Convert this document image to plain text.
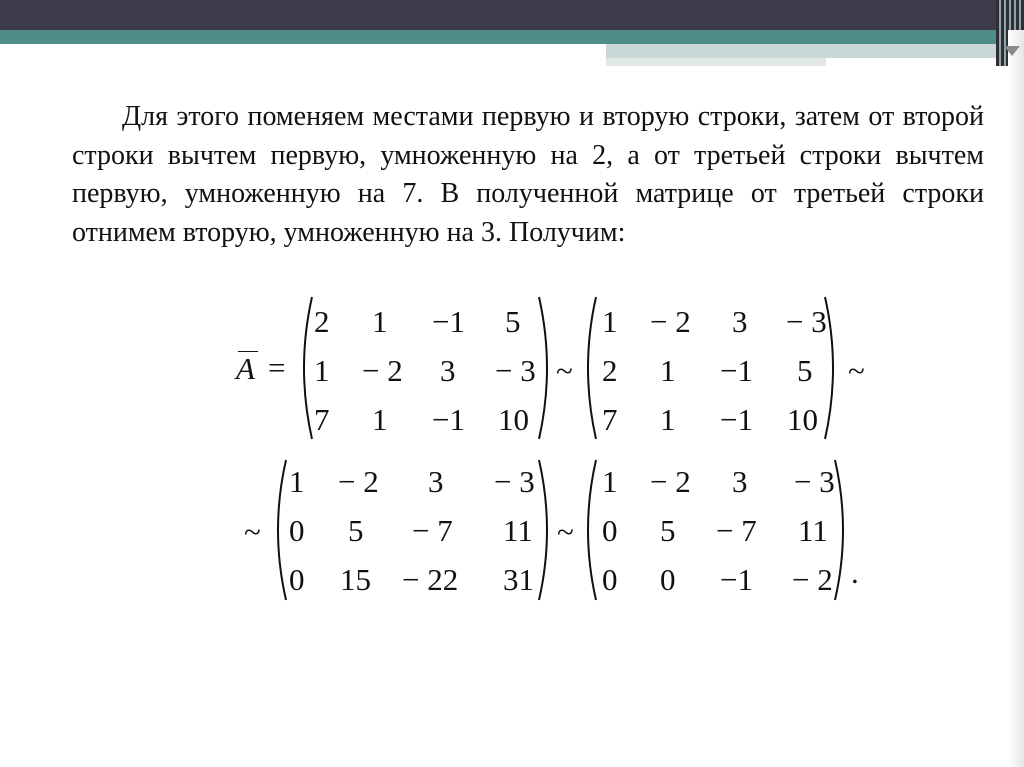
Для этого поменяем местами первую и вторую строки, затем от второй строки вычтем первую, умноженную на 2, а от третьей строки вычтем первую, умноженную на 7. В полученной матрице от третьей строки отнимем вторую, умноженную на 3. Получим:
A =	~	~
~	~
.
2 1 −1 5
1 − 2 3 − 3
7 1 −1 10
1 − 2 3 − 3
2 1 −1 5
7 1 −1 10
1 − 2 3 − 3
0 5 − 7 11
0 15 − 22 31
1 − 2 3 − 3
0 5 − 7 11
0 0 −1 − 2
